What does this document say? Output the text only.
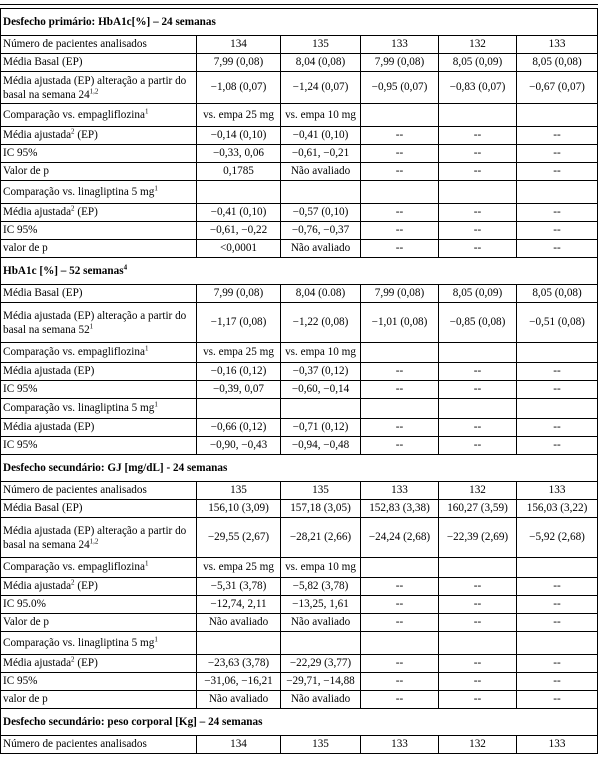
Desfecho primário: HbA1c[%] – 24 semanas					
Número de pacientes analisados	134	135	133	132	133
Média Basal (EP)	7,99 (0,08)	8,04 (0,08)	7,99 (0,08)	8,05 (0,09)	8,05 (0,08)
Média ajustada (EP) alteração a partir do basal na semana $24^{1,2}$	−1,08 (0,07)	−1,24 (0,07)	−0,95 (0,07)	−0,83 (0,07)	−0,67 (0,07)
Comparação vs. empagliflozina$^1$	vs. empa 25 mg	vs. empa 10 mg			
Média ajustada$^2$ (EP)	−0,14 (0,10)	−0,41 (0,10)	--	--	--
IC 95%	−0,33, 0,06	−0,61, −0,21	--	--	--
Valor de p	0,1785	Não avaliado	--	--	--
Comparação vs. linagliptina 5 $mg^1$					
Média ajustada$^2$ (EP)	−0,41 (0,10)	−0,57 (0,10)	--	--	--
IC 95%	−0,61, −0,22	−0,76, −0,37	--	--	--
valor de p	<0,0001	Não avaliado	--	--	--
HbA1c [%] – 52 semanas$^4$
Média Basal (EP)	7,99 (0,08)	8,04 (0.08)	7,99 (0,08)	8,05 (0,09)	8,05 (0,08)
Média ajustada (EP) alteração a partir do basal na semana $52^1$	−1,17 (0,08)	−1,22 (0,08)	−1,01 (0,08)	−0,85 (0,08)	−0,51 (0,08)
Comparação vs. empagliflozina$^1$	vs. empa 25 mg	vs. empa 10 mg			
Média ajustada (EP)	−0,16 (0,12)	−0,37 (0,12)	--	--	--
IC 95%	−0,39, 0,07	−0,60, −0,14	--	--	--
Comparação vs. linagliptina 5 $mg^1$					
Média ajustada (EP)	−0,66 (0,12)	−0,71 (0,12)	--	--	--
IC 95%	−0,90, −0,43	−0,94, −0,48	--	--	--
Desfecho secundário: GJ [mg/dL] - 24 semanas					
Número de pacientes analisados	135	135	133	132	133
Média Basal (EP)	156,10 (3,09)	157,18 (3,05)	152,83 (3,38)	160,27 (3,59)	156,03 (3,22)
Média ajustada (EP) alteração a partir do basal na semana $24^{1,2}$	−29,55 (2,67)	−28,21 (2,66)	−24,24 (2,68)	−22,39 (2,69)	−5,92 (2,68)
Comparação vs. empagliflozina$^1$	vs. empa 25 mg	vs. empa 10 mg			
Média ajustada$^2$ (EP)	−5,31 (3,78)	−5,82 (3,78)	--	--	--
IC 95.0%	−12,74, 2,11	−13,25, 1,61	--	--	--
Valor de p	Não avaliado	Não avaliado	--	--	--
Comparação vs. linagliptina 5 $mg^1$					
Média ajustada$^2$ (EP)	−23,63 (3,78)	−22,29 (3,77)	--	--	--
IC 95%	−31,06, −16,21	−29,71, −14,88	--	--	--
valor de p	Não avaliado	Não avaliado	--	--	--
Desfecho secundário: peso corporal [Kg] – 24 semanas					
Número de pacientes analisados	134	135	133	132	133
